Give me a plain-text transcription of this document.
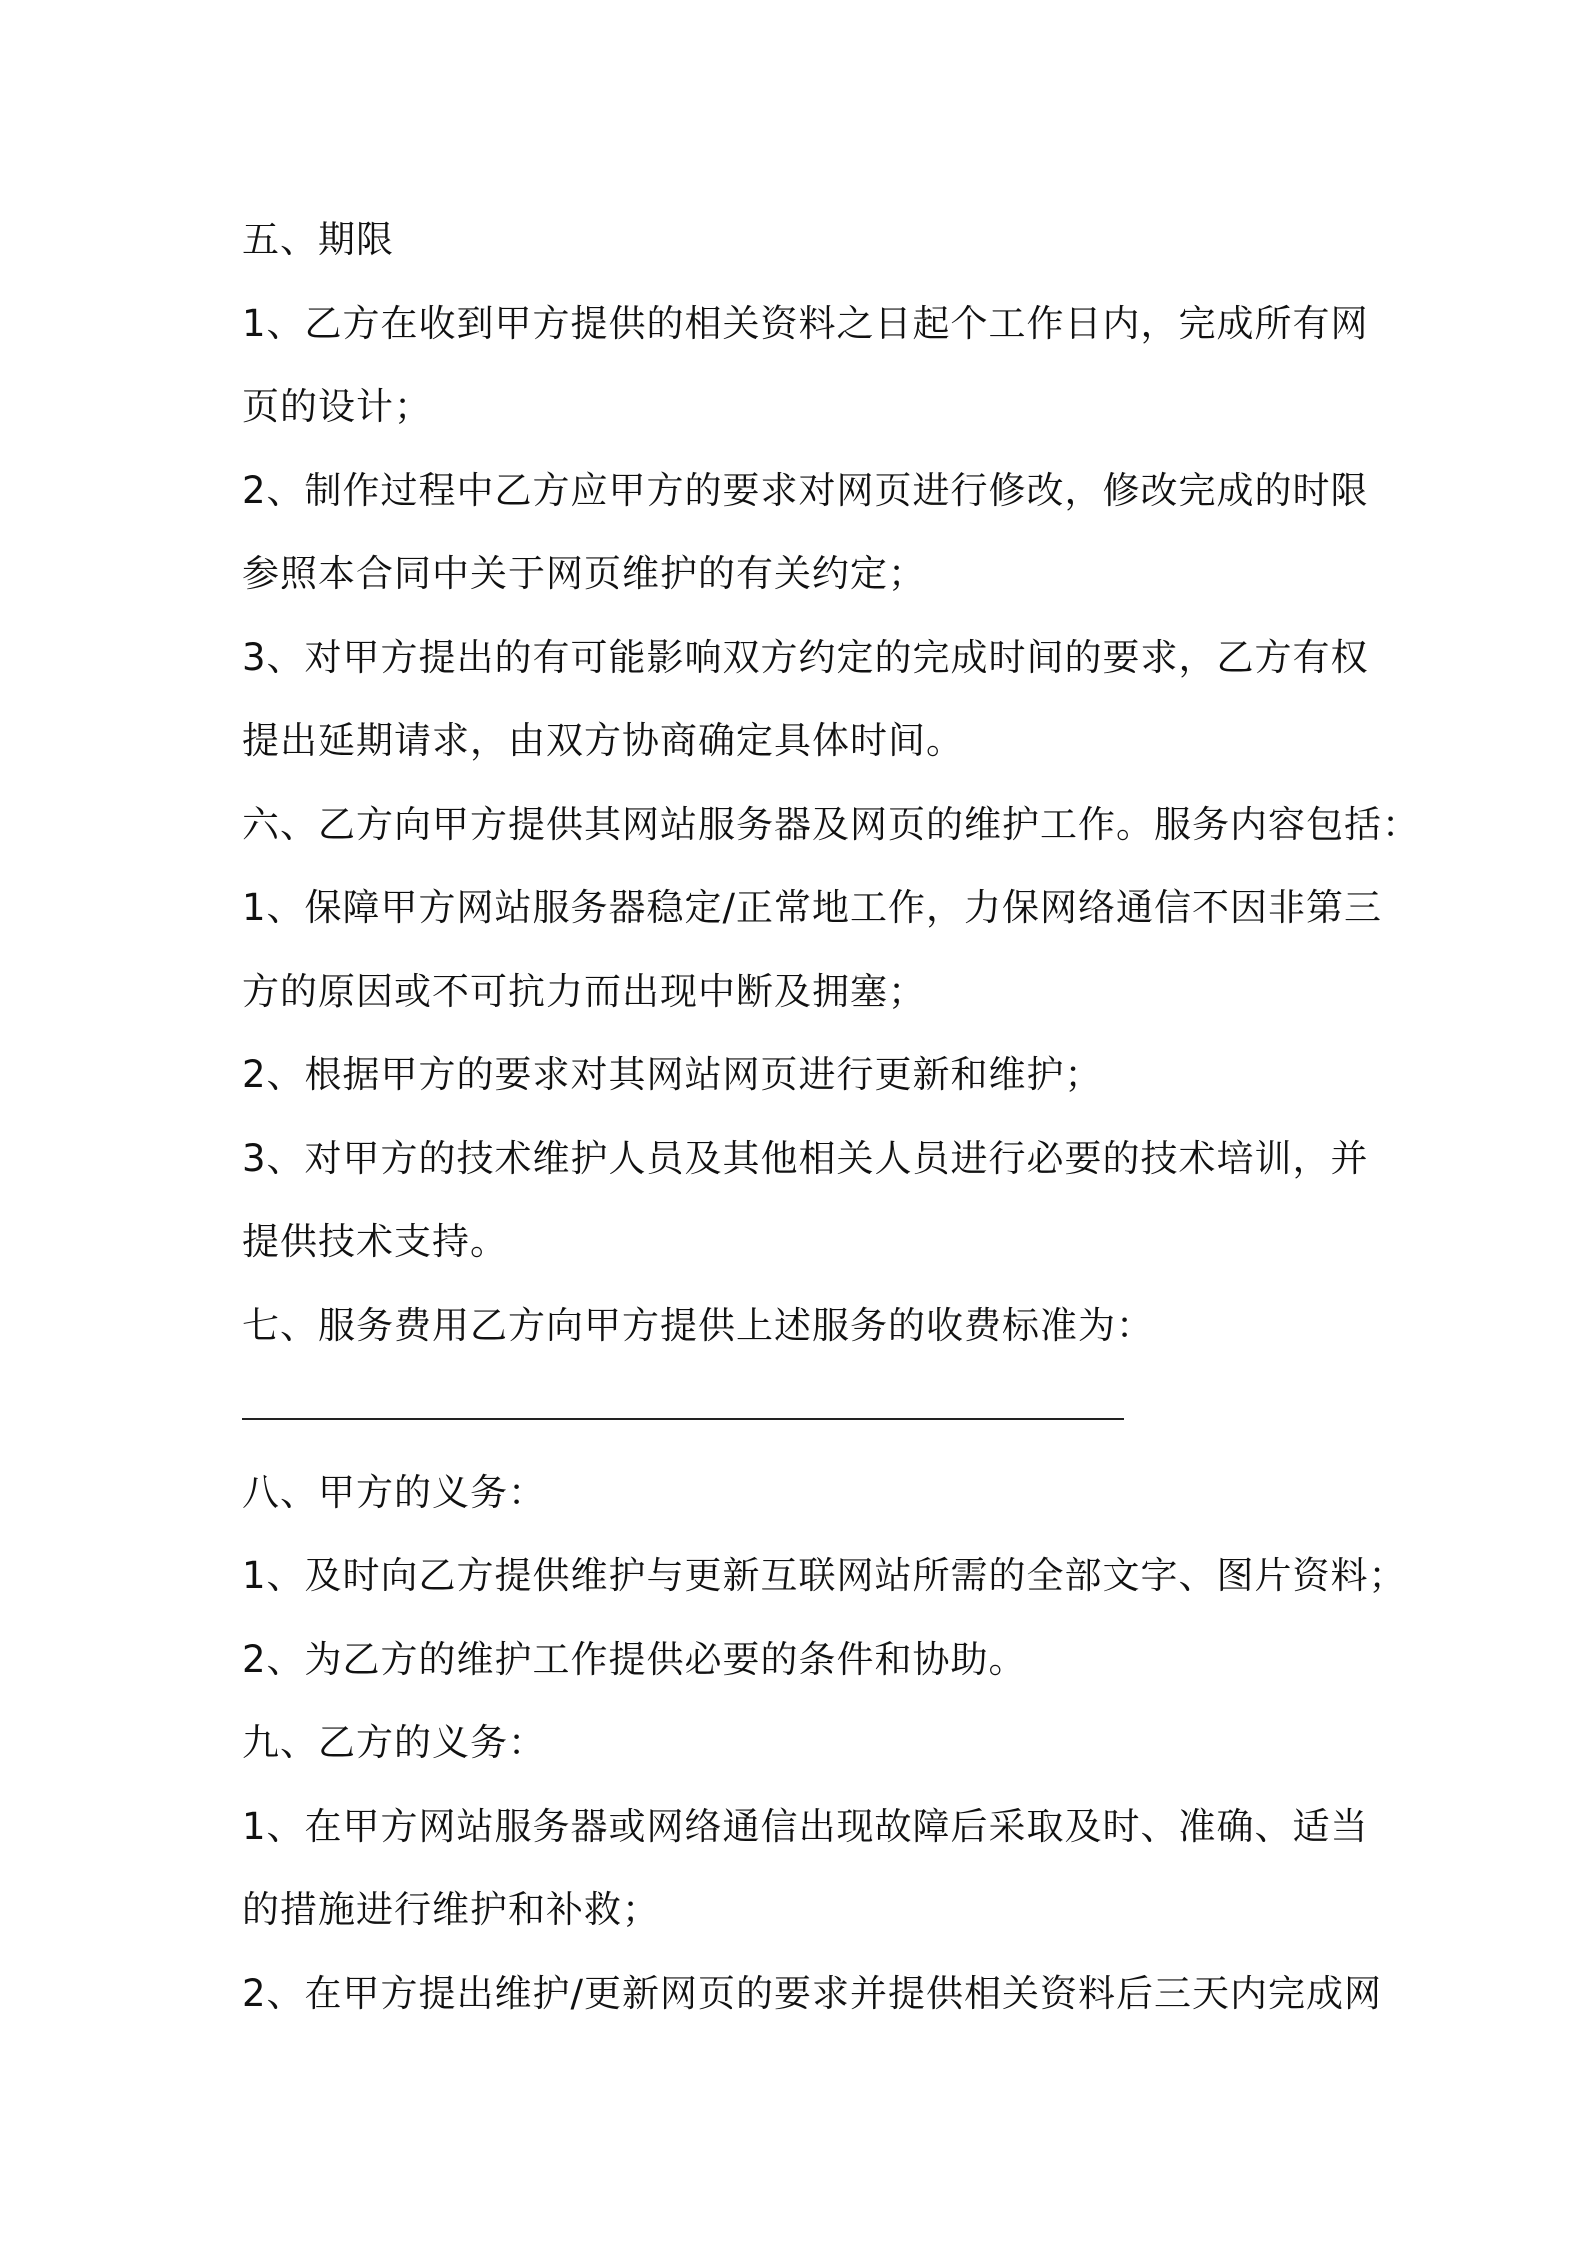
五、期限
1、乙方在收到甲方提供的相关资料之日起个工作日内，完成所有网
页的设计；
2、制作过程中乙方应甲方的要求对网页进行修改，修改完成的时限
参照本合同中关于网页维护的有关约定；
3、对甲方提出的有可能影响双方约定的完成时间的要求，乙方有权
提出延期请求，由双方协商确定具体时间。
六、乙方向甲方提供其网站服务器及网页的维护工作。服务内容包括：
1、保障甲方网站服务器稳定/正常地工作，力保网络通信不因非第三
方的原因或不可抗力而出现中断及拥塞；
2、根据甲方的要求对其网站网页进行更新和维护；
3、对甲方的技术维护人员及其他相关人员进行必要的技术培训，并
提供技术支持。
七、服务费用乙方向甲方提供上述服务的收费标准为：
八、甲方的义务：
1、及时向乙方提供维护与更新互联网站所需的全部文字、图片资料；
2、为乙方的维护工作提供必要的条件和协助。
九、乙方的义务：
1、在甲方网站服务器或网络通信出现故障后采取及时、准确、适当
的措施进行维护和补救；
2、在甲方提出维护/更新网页的要求并提供相关资料后三天内完成网
